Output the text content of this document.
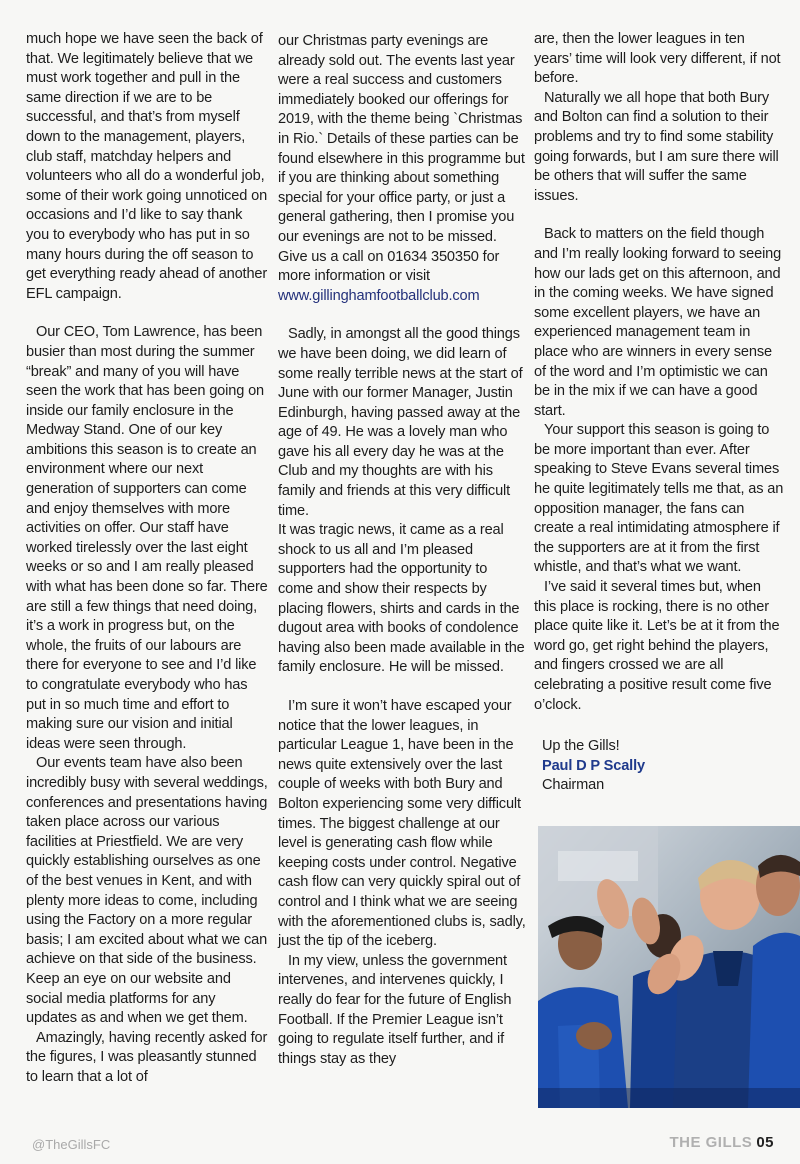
much hope we have seen the back of that. We legitimately believe that we must work together and pull in the same direction if we are to be successful, and that’s from myself down to the management, players, club staff, matchday helpers and volunteers who all do a wonderful job, some of their work going unnoticed on occasions and I’d like to say thank you to everybody who has put in so many hours during the off season to get everything ready ahead of another EFL campaign.

Our CEO, Tom Lawrence, has been busier than most during the summer “break” and many of you will have seen the work that has been going on inside our family enclosure in the Medway Stand. One of our key ambitions this season is to create an environment where our next generation of supporters can come and enjoy themselves with more activities on offer. Our staff have worked tirelessly over the last eight weeks or so and I am really pleased with what has been done so far. There are still a few things that need doing, it’s a work in progress but, on the whole, the fruits of our labours are there for everyone to see and I’d like to congratulate everybody who has put in so much time and effort to making sure our vision and initial ideas were seen through.

Our events team have also been incredibly busy with several weddings, conferences and presentations having taken place across our various facilities at Priestfield. We are very quickly establishing ourselves as one of the best venues in Kent, and with plenty more ideas to come, including using the Factory on a more regular basis; I am excited about what we can achieve on that side of the business. Keep an eye on our website and social media platforms for any updates as and when we get them.

Amazingly, having recently asked for the figures, I was pleasantly stunned to learn that a lot of

our Christmas party evenings are already sold out. The events last year were a real success and customers immediately booked our offerings for 2019, with the theme being `Christmas in Rio.` Details of these parties can be found elsewhere in this programme but if you are thinking about something special for your office party, or just a general gathering, then I promise you our evenings are not to be missed. Give us a call on 01634 350350 for more information or visit www.gillinghamfootballclub.com

Sadly, in amongst all the good things we have been doing, we did learn of some really terrible news at the start of June with our former Manager, Justin Edinburgh, having passed away at the age of 49. He was a lovely man who gave his all every day he was at the Club and my thoughts are with his family and friends at this very difficult time.

It was tragic news, it came as a real shock to us all and I’m pleased supporters had the opportunity to come and show their respects by placing flowers, shirts and cards in the dugout area with books of condolence having also been made available in the family enclosure. He will be missed.

I’m sure it won’t have escaped your notice that the lower leagues, in particular League 1, have been in the news quite extensively over the last couple of weeks with both Bury and Bolton experiencing some very difficult times. The biggest challenge at our level is generating cash flow while keeping costs under control. Negative cash flow can very quickly spiral out of control and I think what we are seeing with the aforementioned clubs is, sadly, just the tip of the iceberg.

In my view, unless the government intervenes, and intervenes quickly, I really do fear for the future of English Football. If the Premier League isn’t going to regulate itself further, and if things stay as they

are, then the lower leagues in ten years’ time will look very different, if not before.

Naturally we all hope that both Bury and Bolton can find a solution to their problems and try to find some stability going forwards, but I am sure there will be others that will suffer the same issues.

Back to matters on the field though and I’m really looking forward to seeing how our lads get on this afternoon, and in the coming weeks. We have signed some excellent players, we have an experienced management team in place who are winners in every sense of the word and I’m optimistic we can be in the mix if we can have a good start.

Your support this season is going to be more important than ever. After speaking to Steve Evans several times he quite legitimately tells me that, as an opposition manager, the fans can create a real intimidating atmosphere if the supporters are at it from the first whistle, and that’s what we want.

I’ve said it several times but, when this place is rocking, there is no other place quite like it. Let’s be at it from the word go, get right behind the players, and fingers crossed we are all celebrating a positive result come five o’clock.

Up the Gills!
Paul D P Scally
Chairman
@TheGillsFC	THE GILLS 05
